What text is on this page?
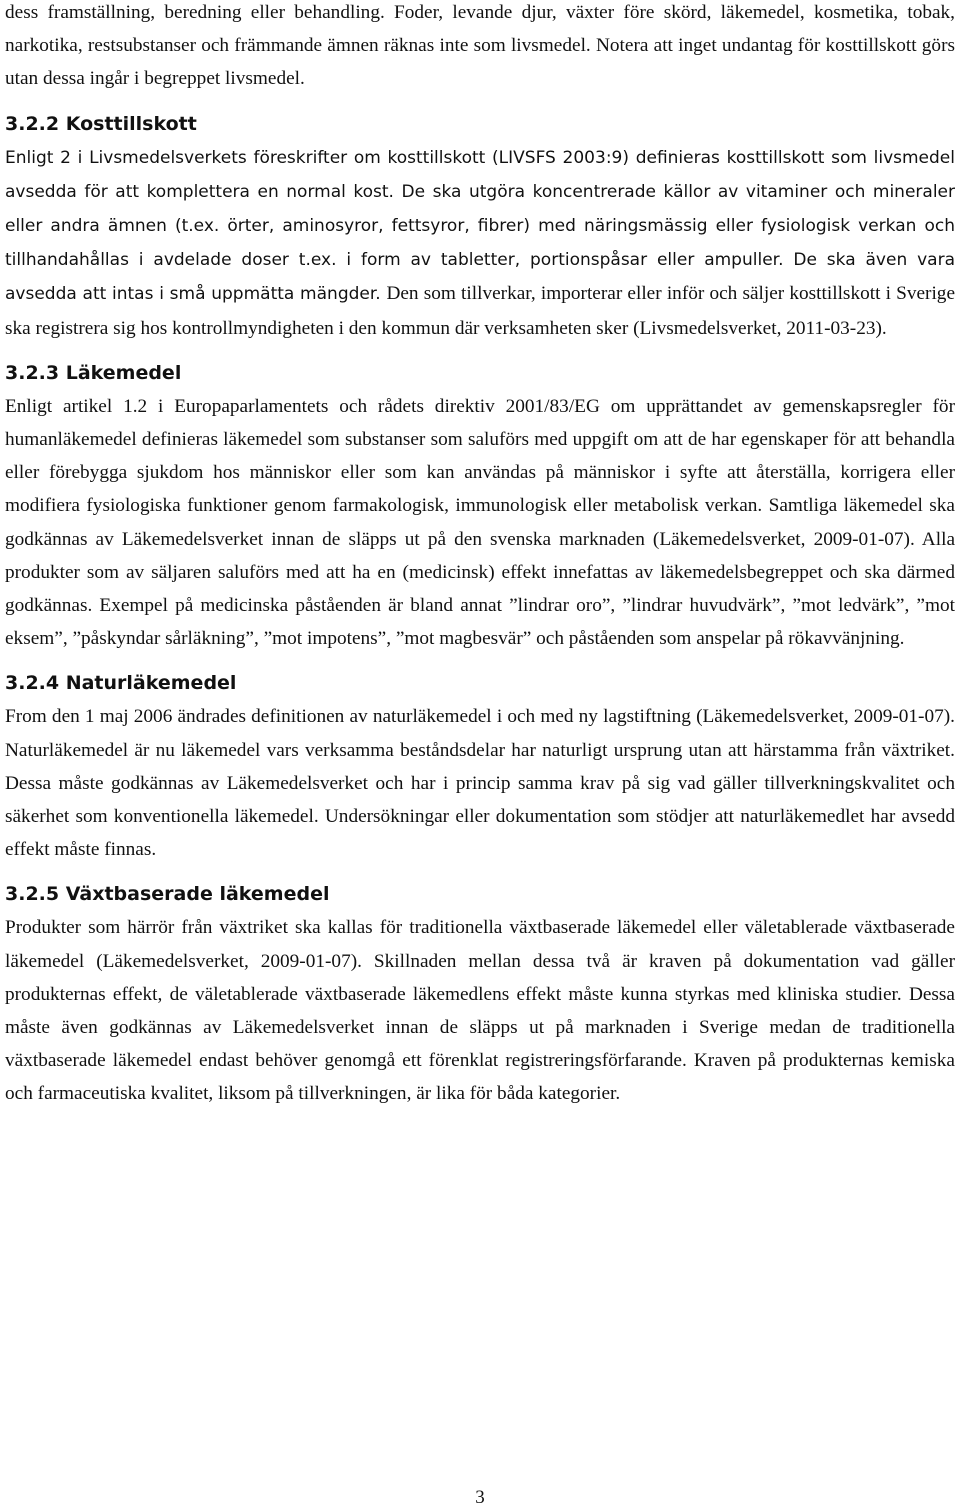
dess framställning, beredning eller behandling. Foder, levande djur, växter före skörd, läkemedel, kosmetika, tobak, narkotika, restsubstanser och främmande ämnen räknas inte som livsmedel. Notera att inget undantag för kosttillskott görs utan dessa ingår i begreppet livsmedel.

3.2.2 Kosttillskott

Enligt 2 i Livsmedelsverkets föreskrifter om kosttillskott (LIVSFS 2003:9) definieras kosttillskott som livsmedel avsedda för att komplettera en normal kost. De ska utgöra koncentrerade källor av vitaminer och mineraler eller andra ämnen (t.ex. örter, aminosyror, fettsyror, fibrer) med näringsmässig eller fysiologisk verkan och tillhandahållas i avdelade doser t.ex. i form av tabletter, portionspåsar eller ampuller. De ska även vara avsedda att intas i små uppmätta mängder. Den som tillverkar, importerar eller inför och säljer kosttillskott i Sverige ska registrera sig hos kontrollmyndigheten i den kommun där verksamheten sker (Livsmedelsverket, 2011-03-23).

3.2.3 Läkemedel

Enligt artikel 1.2 i Europaparlamentets och rådets direktiv 2001/83/EG om upprättandet av gemenskapsregler för humanläkemedel definieras läkemedel som substanser som saluförs med uppgift om att de har egenskaper för att behandla eller förebygga sjukdom hos människor eller som kan användas på människor i syfte att återställa, korrigera eller modifiera fysiologiska funktioner genom farmakologisk, immunologisk eller metabolisk verkan. Samtliga läkemedel ska godkännas av Läkemedelsverket innan de släpps ut på den svenska marknaden (Läkemedelsverket, 2009-01-07). Alla produkter som av säljaren saluförs med att ha en (medicinsk) effekt innefattas av läkemedelsbegreppet och ska därmed godkännas. Exempel på medicinska påståenden är bland annat ”lindrar oro”, ”lindrar huvudvärk”, ”mot ledvärk”, ”mot eksem”, ”påskyndar sårläkning”, ”mot impotens”, ”mot magbesvär” och påståenden som anspelar på rökavvänjning.

3.2.4 Naturläkemedel

From den 1 maj 2006 ändrades definitionen av naturläkemedel i och med ny lagstiftning (Läkemedelsverket, 2009-01-07). Naturläkemedel är nu läkemedel vars verksamma beståndsdelar har naturligt ursprung utan att härstamma från växtriket. Dessa måste godkännas av Läkemedelsverket och har i princip samma krav på sig vad gäller tillverkningskvalitet och säkerhet som konventionella läkemedel. Undersökningar eller dokumentation som stödjer att naturläkemedlet har avsedd effekt måste finnas.

3.2.5 Växtbaserade läkemedel

Produkter som härrör från växtriket ska kallas för traditionella växtbaserade läkemedel eller väletablerade växtbaserade läkemedel (Läkemedelsverket, 2009-01-07). Skillnaden mellan dessa två är kraven på dokumentation vad gäller produkternas effekt, de väletablerade växtbaserade läkemedlens effekt måste kunna styrkas med kliniska studier. Dessa måste även godkännas av Läkemedelsverket innan de släpps ut på marknaden i Sverige medan de traditionella växtbaserade läkemedel endast behöver genomgå ett förenklat registreringsförfarande. Kraven på produkternas kemiska och farmaceutiska kvalitet, liksom på tillverkningen, är lika för båda kategorier.

3
